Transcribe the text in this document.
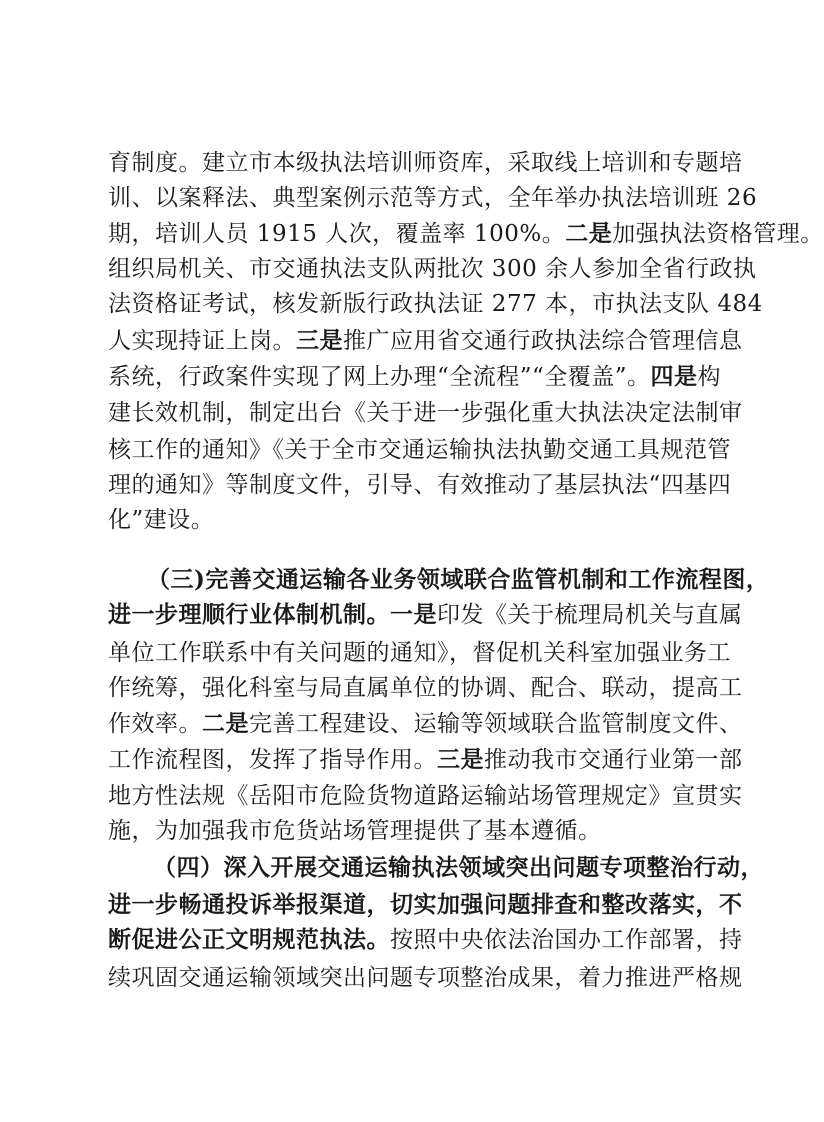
育制度。建立市本级执法培训师资库，采取线上培训和专题培
训、以案释法、典型案例示范等方式，全年举办执法培训班 26
期，培训人员 1915 人次，覆盖率 100%。二是加强执法资格管理。
组织局机关、市交通执法支队两批次 300 余人参加全省行政执
法资格证考试，核发新版行政执法证 277 本，市执法支队 484
人实现持证上岗。三是推广应用省交通行政执法综合管理信息
系统，行政案件实现了网上办理“全流程”“全覆盖”。四是构
建长效机制，制定出台《关于进一步强化重大执法决定法制审
核工作的通知》《关于全市交通运输执法执勤交通工具规范管
理的通知》等制度文件，引导、有效推动了基层执法“四基四
化”建设。
（三)完善交通运输各业务领域联合监管机制和工作流程图，
进一步理顺行业体制机制。一是印发《关于梳理局机关与直属
单位工作联系中有关问题的通知》，督促机关科室加强业务工
作统筹，强化科室与局直属单位的协调、配合、联动，提高工
作效率。二是完善工程建设、运输等领域联合监管制度文件、
工作流程图，发挥了指导作用。三是推动我市交通行业第一部
地方性法规《岳阳市危险货物道路运输站场管理规定》宣贯实
施，为加强我市危货站场管理提供了基本遵循。
（四）深入开展交通运输执法领域突出问题专项整治行动，
进一步畅通投诉举报渠道，切实加强问题排查和整改落实，不
断促进公正文明规范执法。按照中央依法治国办工作部署，持
续巩固交通运输领域突出问题专项整治成果，着力推进严格规
